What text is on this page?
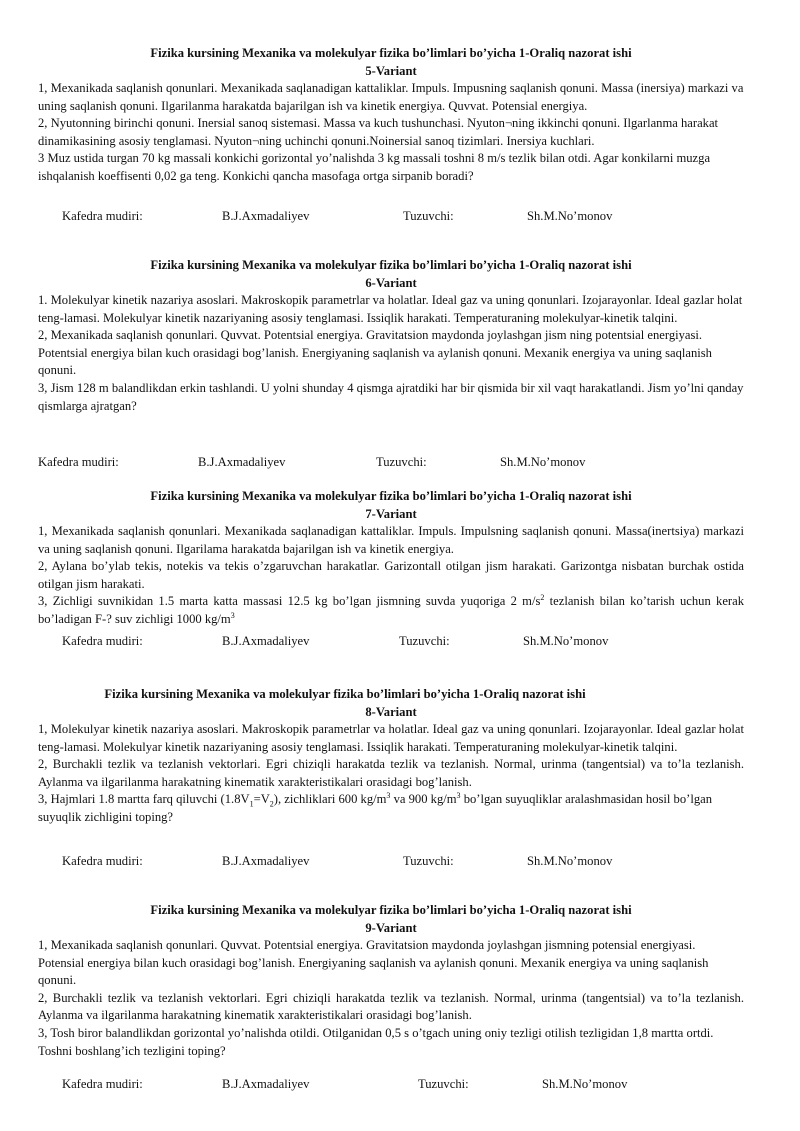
Fizika kursining Mexanika va molekulyar fizika bo’limlari bo’yicha 1-Oraliq nazorat ishi
5-Variant

1, Mexanikada saqlanish qonunlari. Mexanikada saqlanadigan kattaliklar. Impuls. Impusning saqlanish qonuni. Massa (inersiya) markazi va uning saqlanish qonuni. Ilgarilanma harakatda bajarilgan ish va kinetik energiya. Quvvat. Potensial energiya.

2, Nyutonning birinchi qonuni. Inersial sanoq sistemasi. Massa va kuch tushunchasi. Nyuton¬ning ikkinchi qonuni. Ilgarlanma harakat dinamikasining asosiy tenglamasi. Nyuton¬ning uchinchi qonuni.Noinersial sanoq tizimlari. Inersiya kuchlari.

3 Muz ustida turgan 70 kg massali konkichi gorizontal yo’nalishda 3 kg massali toshni 8 m/s tezlik bilan otdi. Agar konkilarni muzga ishqalanish koeffisenti 0,02 ga teng. Konkichi qancha masofaga ortga sirpanib boradi?

Kafedra mudiri:	B.J.Axmadaliyev	Tuzuvchi:	Sh.M.No’monov
Fizika kursining Mexanika va molekulyar fizika bo’limlari bo’yicha 1-Oraliq nazorat ishi
6-Variant

1. Molekulyar kinetik nazariya asoslari. Makroskopik parametrlar va holatlar. Ideal gaz va uning qonunlari. Izojarayonlar. Ideal gazlar holat teng-lamasi. Molekulyar kinetik nazariyaning asosiy tenglamasi. Issiqlik harakati. Temperaturaning molekulyar-kinetik talqini.

2, Mexanikada saqlanish qonunlari. Quvvat. Potentsial energiya. Gravitatsion maydonda joylashgan jism ning potentsial energiyasi. Potentsial energiya bilan kuch orasidagi bog’lanish. Energiyaning saqlanish va aylanish qonuni. Mexanik energiya va uning saqlanish qonuni.

3, Jism 128 m balandlikdan erkin tashlandi. U yolni shunday 4 qismga ajratdiki har bir qismida bir xil vaqt harakatlandi. Jism yo’lni qanday qismlarga ajratgan?

Kafedra mudiri:	B.J.Axmadaliyev	Tuzuvchi:	Sh.M.No’monov
Fizika kursining Mexanika va molekulyar fizika bo’limlari bo’yicha 1-Oraliq nazorat ishi
7-Variant

1, Mexanikada saqlanish qonunlari. Mexanikada saqlanadigan kattaliklar. Impuls. Impulsning saqlanish qonuni. Massa(inertsiya) markazi va uning saqlanish qonuni. Ilgarilama harakatda bajarilgan ish va kinetik energiya.

2, Aylana bo’ylab tekis, notekis va tekis o’zgaruvchan harakatlar. Garizontall otilgan jism harakati. Garizontga nisbatan burchak ostida otilgan jism harakati.

3, Zichligi suvnikidan 1.5 marta katta massasi 12.5 kg bo’lgan jismning suvda yuqoriga 2 $m/s^2$ tezlanish bilan ko’tarish uchun kerak bo’ladigan F-? suv zichligi 1000 $kg/m^3$

Kafedra mudiri:	B.J.Axmadaliyev	Tuzuvchi:	Sh.M.No’monov
Fizika kursining Mexanika va molekulyar fizika bo’limlari bo’yicha 1-Oraliq nazorat ishi
8-Variant

1, Molekulyar kinetik nazariya asoslari. Makroskopik parametrlar va holatlar. Ideal gaz va uning qonunlari. Izojarayonlar. Ideal gazlar holat teng-lamasi. Molekulyar kinetik nazariyaning asosiy tenglamasi. Issiqlik harakati. Temperaturaning molekulyar-kinetik talqini.

2, Burchakli tezlik va tezlanish vektorlari. Egri chiziqli harakatda tezlik va tezlanish. Normal, urinma (tangentsial) va to’la tezlanish. Aylanma va ilgarilanma harakatning kinematik xarakteristikalari orasidagi bog’lanish.

3, Hajmlari 1.8 martta farq qiluvchi $(1.8V_1=V_2)$, zichliklari 600 $kg/m^3$ va 900 $kg/m^3$ bo’lgan suyuqliklar aralashmasidan hosil bo’lgan suyuqlik zichligini toping?

Kafedra mudiri:	B.J.Axmadaliyev	Tuzuvchi:	Sh.M.No’monov
Fizika kursining Mexanika va molekulyar fizika bo’limlari bo’yicha 1-Oraliq nazorat ishi
9-Variant

1, Mexanikada saqlanish qonunlari. Quvvat. Potentsial energiya. Gravitatsion maydonda joylashgan jismning potensial energiyasi. Potensial energiya bilan kuch orasidagi bog’lanish. Energiyaning saqlanish va aylanish qonuni. Mexanik energiya va uning saqlanish qonuni.

2, Burchakli tezlik va tezlanish vektorlari. Egri chiziqli harakatda tezlik va tezlanish. Normal, urinma (tangentsial) va to’la tezlanish. Aylanma va ilgarilanma harakatning kinematik xarakteristikalari orasidagi bog’lanish.

3, Tosh biror balandlikdan gorizontal yo’nalishda otildi. Otilganidan 0,5 s o’tgach uning oniy tezligi otilish tezligidan 1,8 martta ortdi. Toshni boshlang’ich tezligini toping?

Kafedra mudiri:	B.J.Axmadaliyev	Tuzuvchi:	Sh.M.No’monov
